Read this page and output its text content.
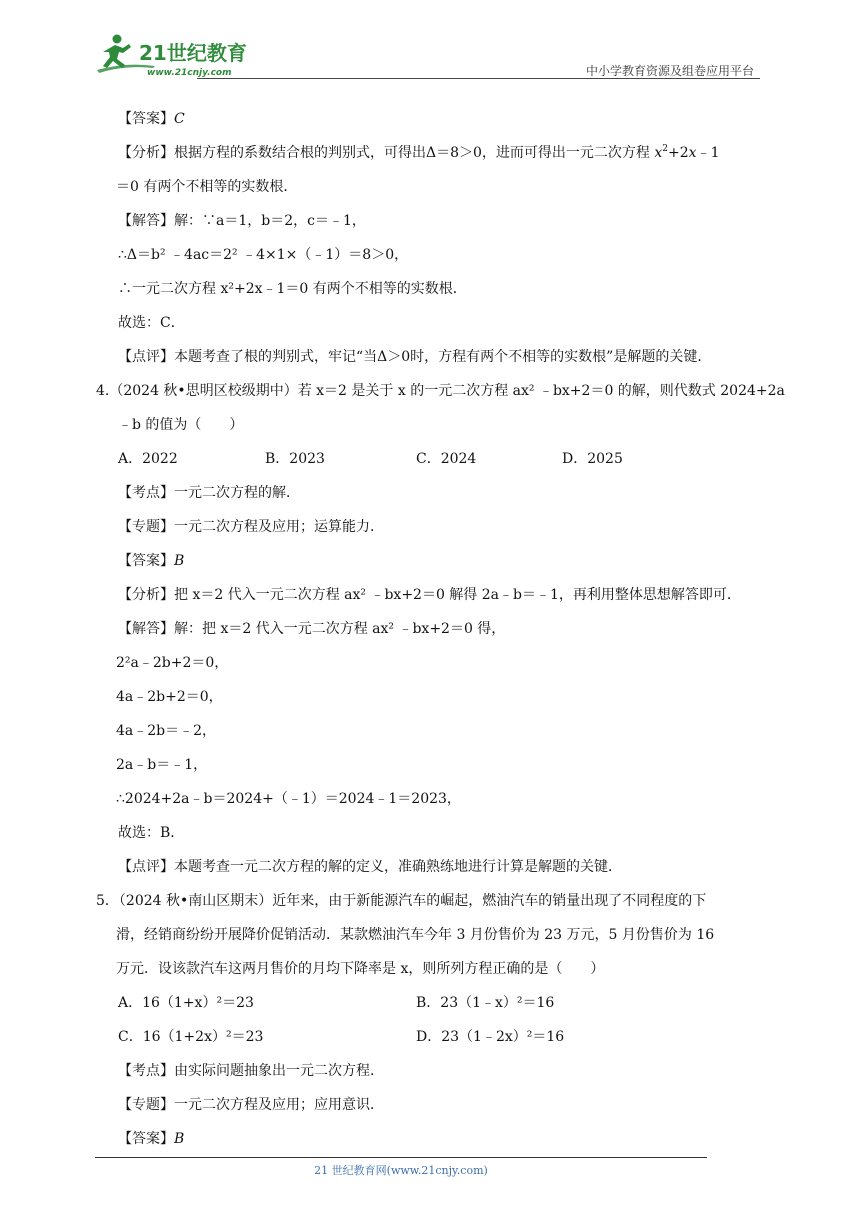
21世纪教育
www.21cnjy.com	中小学教育资源及组卷应用平台
【答案】C
【分析】根据方程的系数结合根的判别式，可得出Δ＝8＞0，进而可得出一元二次方程 $x^2+2x﹣1$
＝0 有两个不相等的实数根．
【解答】解：∵a＝1，b＝2，c＝﹣1，
∴Δ＝b² ﹣4ac＝2² ﹣4×1×（﹣1）＝8＞0，
∴一元二次方程 x²+2x﹣1＝0 有两个不相等的实数根．
故选：C．
【点评】本题考查了根的判别式，牢记“当Δ＞0时，方程有两个不相等的实数根”是解题的关键．
4.（2024 秋•思明区校级期中）若 x＝2 是关于 x 的一元二次方程 ax² ﹣bx+2＝0 的解，则代数式 2024+2a
﹣b 的值为（　　）
A．2022	B．2023	C．2024	D．2025
【考点】一元二次方程的解．
【专题】一元二次方程及应用；运算能力．
【答案】B
【分析】把 x＝2 代入一元二次方程 ax² ﹣bx+2＝0 解得 2a﹣b＝﹣1，再利用整体思想解答即可．
【解答】解：把 x＝2 代入一元二次方程 ax² ﹣bx+2＝0 得，
2²a﹣2b+2＝0，
4a﹣2b+2＝0，
4a﹣2b＝﹣2，
2a﹣b＝﹣1，
∴2024+2a﹣b＝2024+（﹣1）＝2024﹣1＝2023，
故选：B．
【点评】本题考查一元二次方程的解的定义，准确熟练地进行计算是解题的关键．
5．（2024 秋•南山区期末）近年来，由于新能源汽车的崛起，燃油汽车的销量出现了不同程度的下
滑，经销商纷纷开展降价促销活动．某款燃油汽车今年 3 月份售价为 23 万元，5 月份售价为 16
万元．设该款汽车这两月售价的月均下降率是 x，则所列方程正确的是（　　）
A．16（1+x）²＝23	B．23（1﹣x）²＝16
C．16（1+2x）²＝23	D．23（1﹣2x）²＝16
【考点】由实际问题抽象出一元二次方程．
【专题】一元二次方程及应用；应用意识．
【答案】B
21 世纪教育网(www.21cnjy.com)
